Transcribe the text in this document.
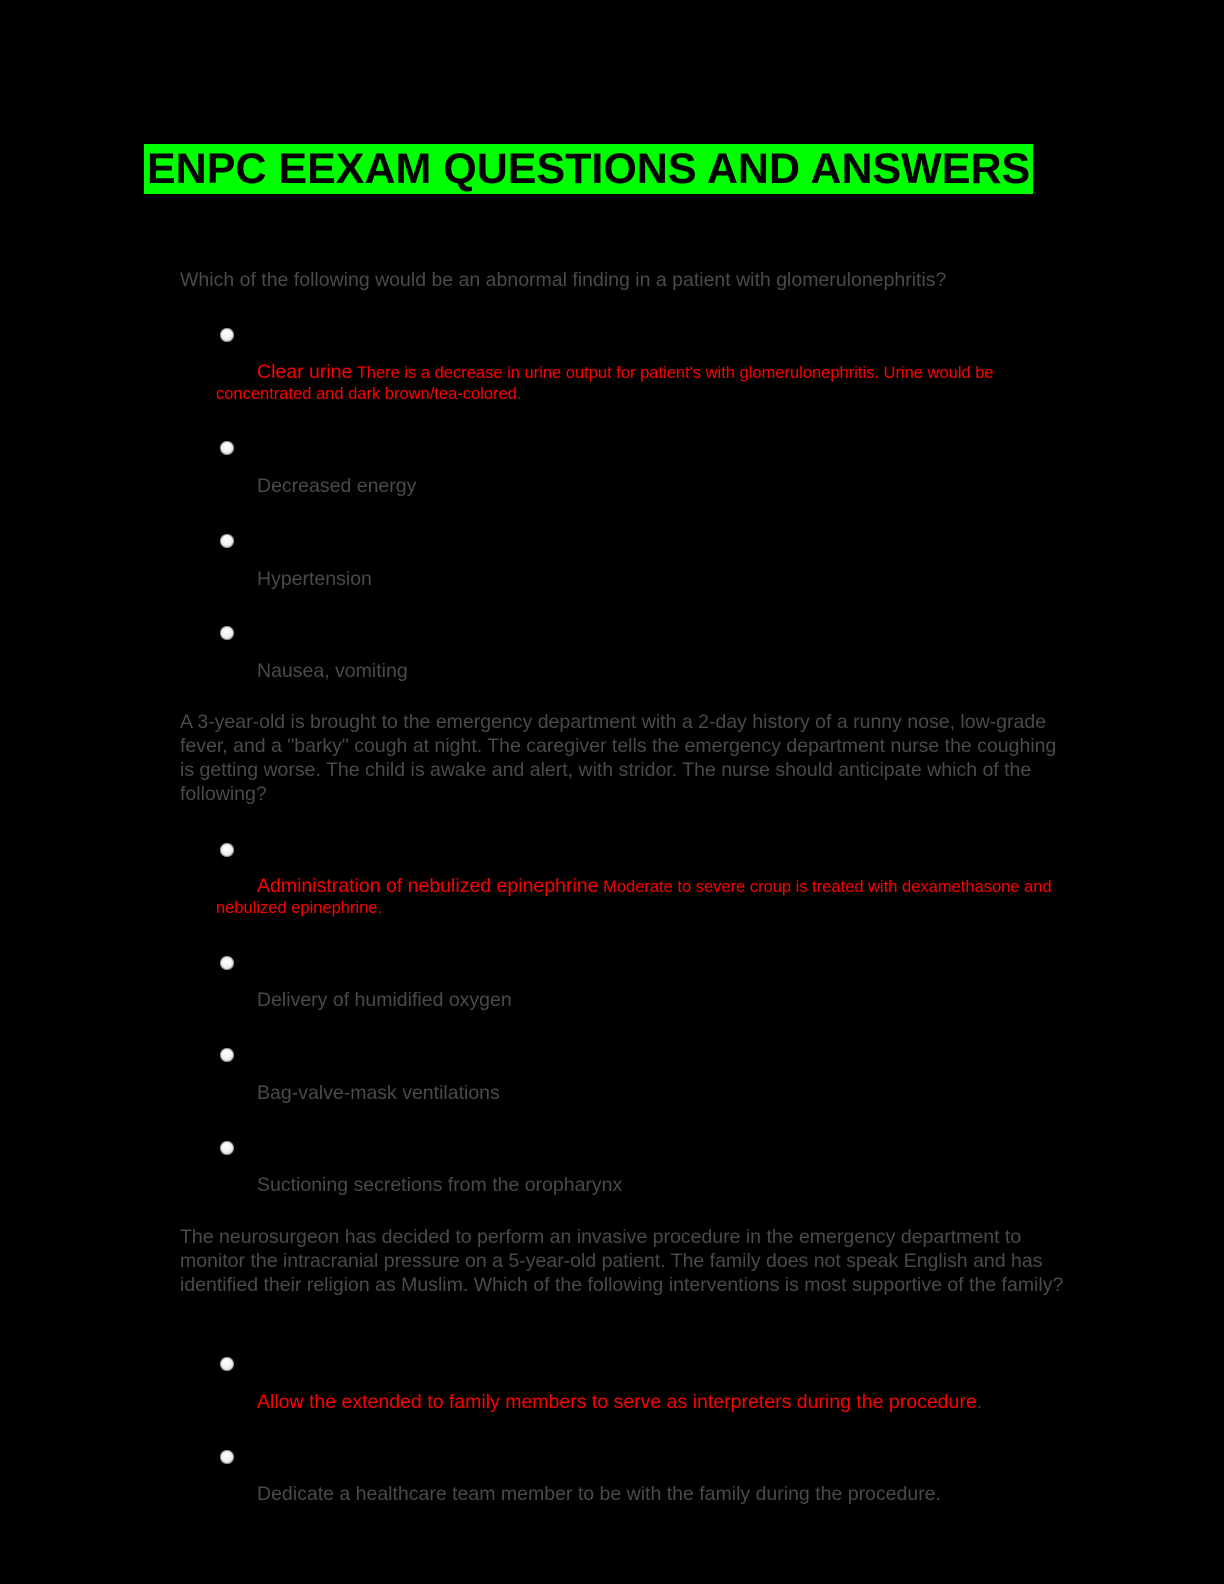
ENPC EEXAM QUESTIONS AND ANSWERS
Which of the following would be an abnormal finding in a patient with glomerulonephritis?
Clear urine There is a decrease in urine output for patient's with glomerulonephritis. Urine would be concentrated and dark brown/tea-colored.
Decreased energy
Hypertension
Nausea, vomiting
A 3-year-old is brought to the emergency department with a 2-day history of a runny nose, low-grade fever, and a "barky" cough at night. The caregiver tells the emergency department nurse the coughing is getting worse. The child is awake and alert, with stridor. The nurse should anticipate which of the following?
Administration of nebulized epinephrine Moderate to severe croup is treated with dexamethasone and nebulized epinephrine.
Delivery of humidified oxygen
Bag-valve-mask ventilations
Suctioning secretions from the oropharynx
The neurosurgeon has decided to perform an invasive procedure in the emergency department to monitor the intracranial pressure on a 5-year-old patient. The family does not speak English and has identified their religion as Muslim. Which of the following interventions is most supportive of the family?
Allow the extended to family members to serve as interpreters during the procedure.
Dedicate a healthcare team member to be with the family during the procedure.
